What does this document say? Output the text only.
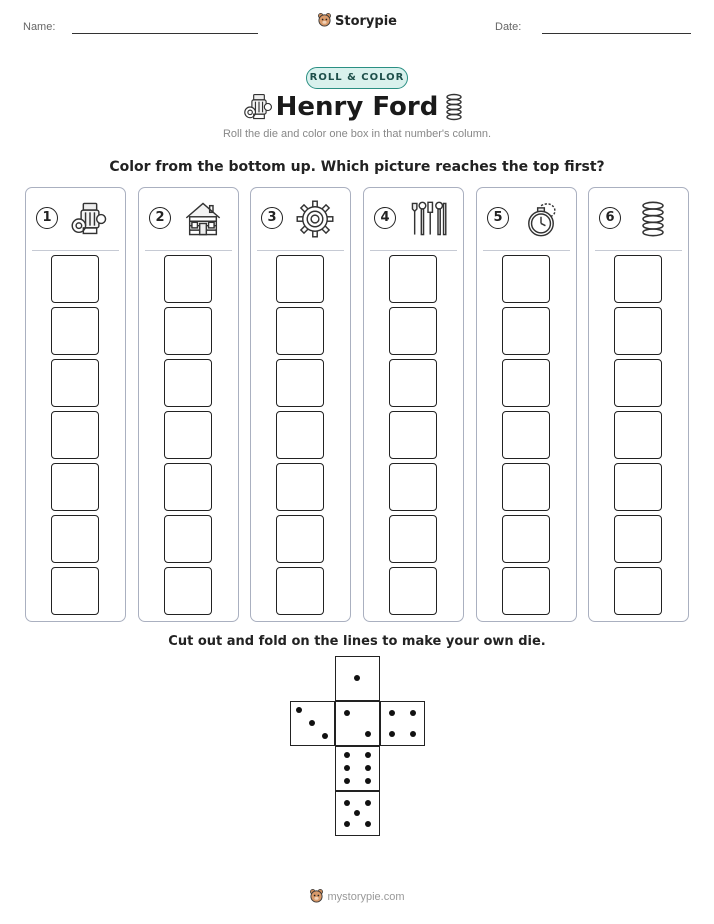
Name:	Storypie	Date:
ROLL & COLOR
Henry Ford
Roll the die and color one box in that number's column.
Color from the bottom up. Which picture reaches the top first?
1	2	3	4	5	6
Cut out and fold on the lines to make your own die.
mystorypie.com
